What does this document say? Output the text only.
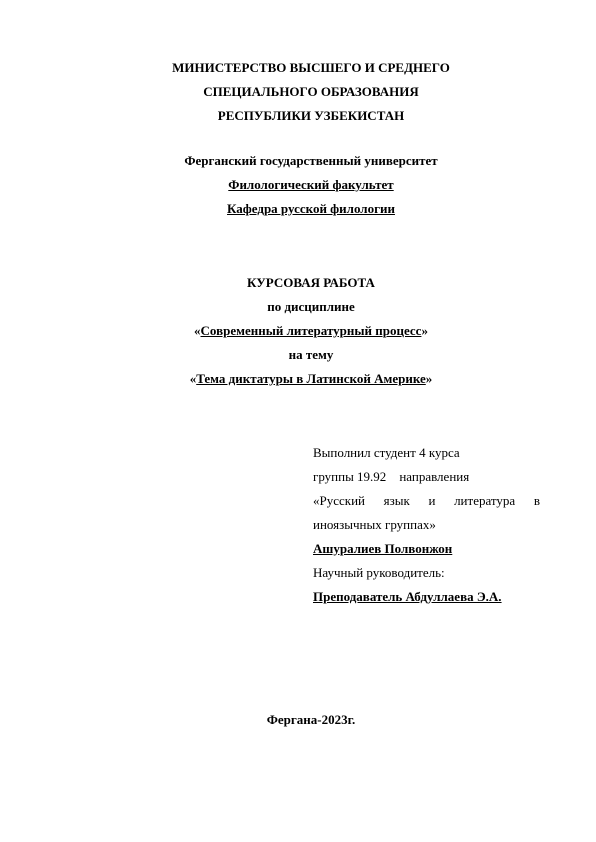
МИНИСТЕРСТВО ВЫСШЕГО И СРЕДНЕГО
СПЕЦИАЛЬНОГО ОБРАЗОВАНИЯ
РЕСПУБЛИКИ УЗБЕКИСТАН
Ферганский государственный университет
Филологический факультет
Кафедра русской филологии
КУРСОВАЯ РАБОТА
по дисциплине
«Современный литературный процесс»
на тему
«Тема диктатуры в Латинской Америке»
Выполнил студент 4 курса
группы 19.92 направления
«Русский язык и литература в
иноязычных группах»
Ашуралиев Полвонжон
Научный руководитель:
Преподаватель Абдуллаева Э.А.
Фергана-2023г.
